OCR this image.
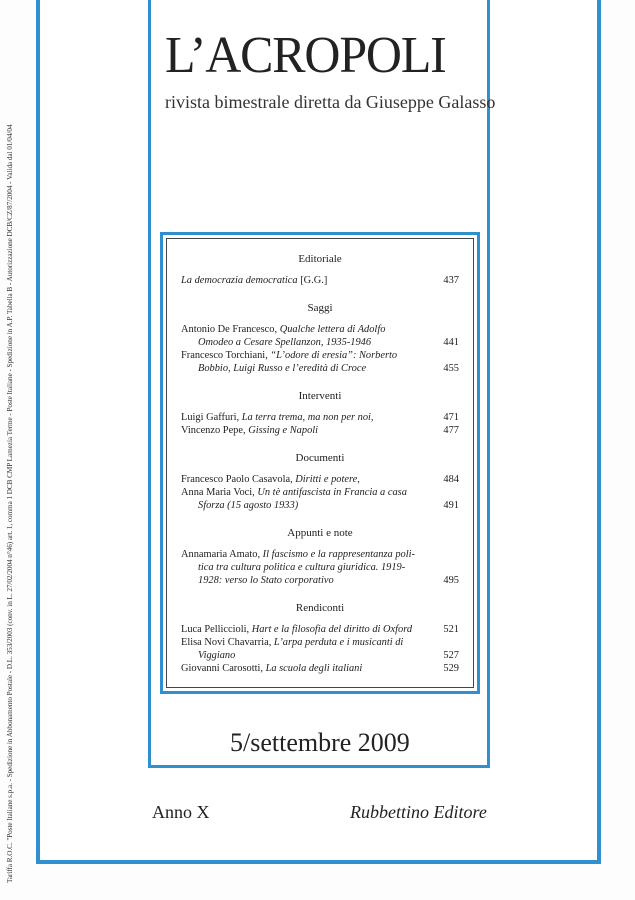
Tariffa R.O.C. "Poste Italiane s.p.a. - Spedizione in Abbonamento Postale - D.L. 353/2003 (conv. in L. 27/02/2004 n°46) art. 1, comma 1 DCB CMP Lamezia Terme - Poste Italiane - Spedizione in A.P. Tabella B - Autorizzazione DCB/CZ/87/2004 - Valida dal 01/04/04
L’ACROPOLI
rivista bimestrale diretta da Giuseppe Galasso
Editoriale
La democrazia democratica [G.G.]	437
Saggi
Antonio De Francesco, Qualche lettera di Adolfo
Omodeo a Cesare Spellanzon, 1935-1946	441
Francesco Torchiani, “L’odore di eresia”: Norberto
Bobbio, Luigi Russo e l’eredità di Croce	455
Interventi
Luigi Gaffuri, La terra trema, ma non per noi,	471
Vincenzo Pepe, Gissing e Napoli	477
Documenti
Francesco Paolo Casavola, Diritti e potere,	484
Anna Maria Voci, Un tè antifascista in Francia a casa
Sforza (15 agosto 1933)	491
Appunti e note
Annamaria Amato, Il fascismo e la rappresentanza poli-
tica tra cultura politica e cultura giuridica. 1919-
1928: verso lo Stato corporativo	495
Rendiconti
Luca Pelliccioli, Hart e la filosofia del diritto di Oxford	521
Elisa Novi Chavarria, L’arpa perduta e i musicanti di
Viggiano	527
Giovanni Carosotti, La scuola degli italiani	529
5/settembre 2009
Anno X	Rubbettino Editore
